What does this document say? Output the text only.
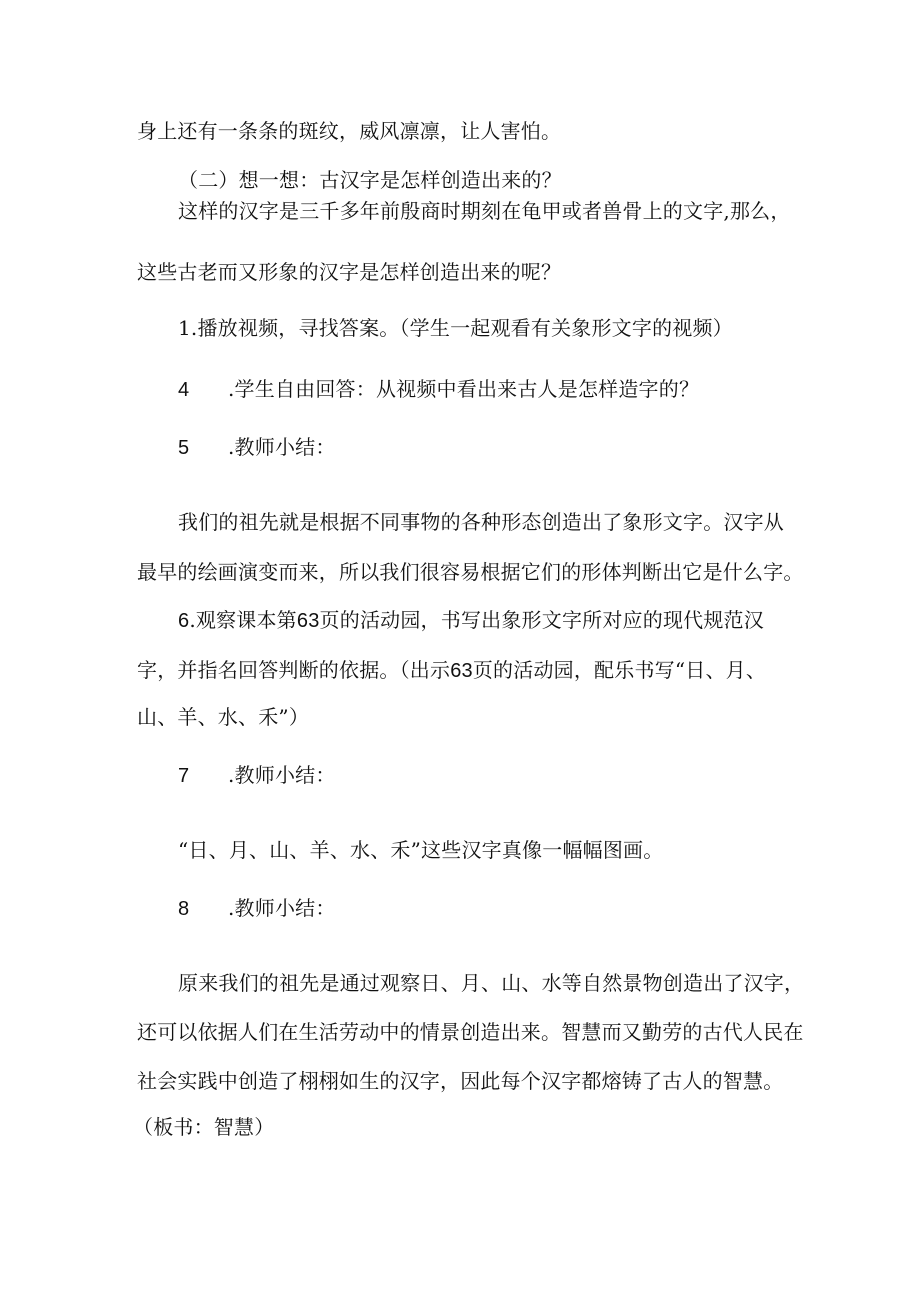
身上还有一条条的斑纹，威风凛凛，让人害怕。

（二）想一想：古汉字是怎样创造出来的？

这样的汉字是三千多年前殷商时期刻在龟甲或者兽骨上的文字,那么，

这些古老而又形象的汉字是怎样创造出来的呢？

1.播放视频，寻找答案。（学生一起观看有关象形文字的视频）

4 .学生自由回答：从视频中看出来古人是怎样造字的？

5 .教师小结：

我们的祖先就是根据不同事物的各种形态创造出了象形文字。汉字从

最早的绘画演变而来，所以我们很容易根据它们的形体判断出它是什么字。

6.观察课本第63页的活动园，书写出象形文字所对应的现代规范汉

字，并指名回答判断的依据。（出示63页的活动园，配乐书写“日、月、

山、羊、水、禾”）

7 .教师小结：

“日、月、山、羊、水、禾”这些汉字真像一幅幅图画。

8 .教师小结：

原来我们的祖先是通过观察日、月、山、水等自然景物创造出了汉字，

还可以依据人们在生活劳动中的情景创造出来。智慧而又勤劳的古代人民在

社会实践中创造了栩栩如生的汉字，因此每个汉字都熔铸了古人的智慧。

（板书：智慧）
